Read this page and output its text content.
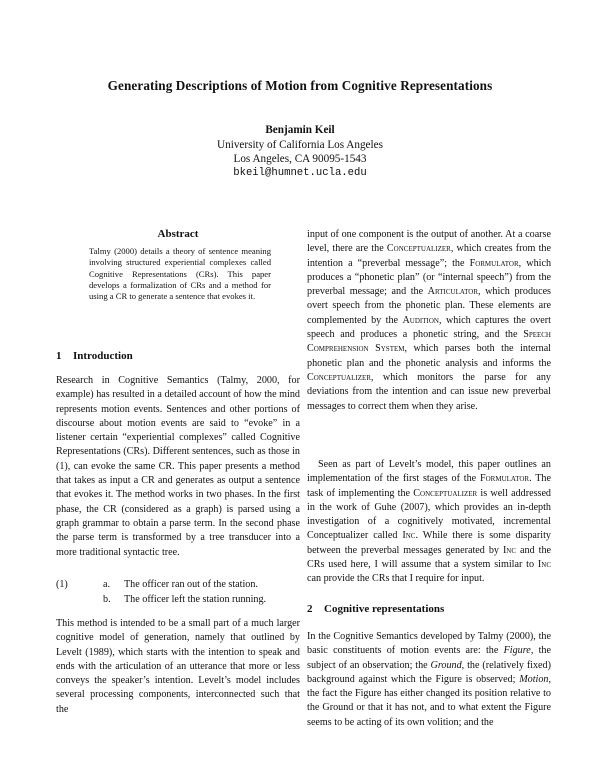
Generating Descriptions of Motion from Cognitive Representations
Benjamin Keil
University of California Los Angeles
Los Angeles, CA 90095-1543
bkeil@humnet.ucla.edu
Abstract

Talmy (2000) details a theory of sentence meaning involving structured experiential complexes called Cognitive Representations (CRs). This paper develops a formalization of CRs and a method for using a CR to generate a sentence that evokes it.

1 Introduction

Research in Cognitive Semantics (Talmy, 2000, for example) has resulted in a detailed account of how the mind represents motion events. Sentences and other portions of discourse about motion events are said to “evoke” in a listener certain “experiential complexes” called Cognitive Representations (CRs). Different sentences, such as those in (1), can evoke the same CR. This paper presents a method that takes as input a CR and generates as output a sentence that evokes it. The method works in two phases. In the first phase, the CR (considered as a graph) is parsed using a graph grammar to obtain a parse term. In the second phase the parse term is transformed by a tree transducer into a more traditional syntactic tree.

(1)	a. The officer ran out of the station.
b. The officer left the station running.

This method is intended to be a small part of a much larger cognitive model of generation, namely that outlined by Levelt (1989), which starts with the intention to speak and ends with the articulation of an utterance that more or less conveys the speaker’s intention. Levelt’s model includes several processing components, interconnected such that the

input of one component is the output of another. At a coarse level, there are the Conceptualizer, which creates from the intention a “preverbal message”; the Formulator, which produces a “phonetic plan” (or “internal speech”) from the preverbal message; and the Articulator, which produces overt speech from the phonetic plan. These elements are complemented by the Audition, which captures the overt speech and produces a phonetic string, and the Speech Comprehension System, which parses both the internal phonetic plan and the phonetic analysis and informs the Conceptualizer, which monitors the parse for any deviations from the intention and can issue new preverbal messages to correct them when they arise.

Seen as part of Levelt’s model, this paper outlines an implementation of the first stages of the Formulator. The task of implementing the Conceptualizer is well addressed in the work of Guhe (2007), which provides an in-depth investigation of a cognitively motivated, incremental Conceptualizer called Inc. While there is some disparity between the preverbal messages generated by Inc and the CRs used here, I will assume that a system similar to Inc can provide the CRs that I require for input.

2 Cognitive representations

In the Cognitive Semantics developed by Talmy (2000), the basic constituents of motion events are: the Figure, the subject of an observation; the Ground, the (relatively fixed) background against which the Figure is observed; Motion, the fact the Figure has either changed its position relative to the Ground or that it has not, and to what extent the Figure seems to be acting of its own volition; and the
